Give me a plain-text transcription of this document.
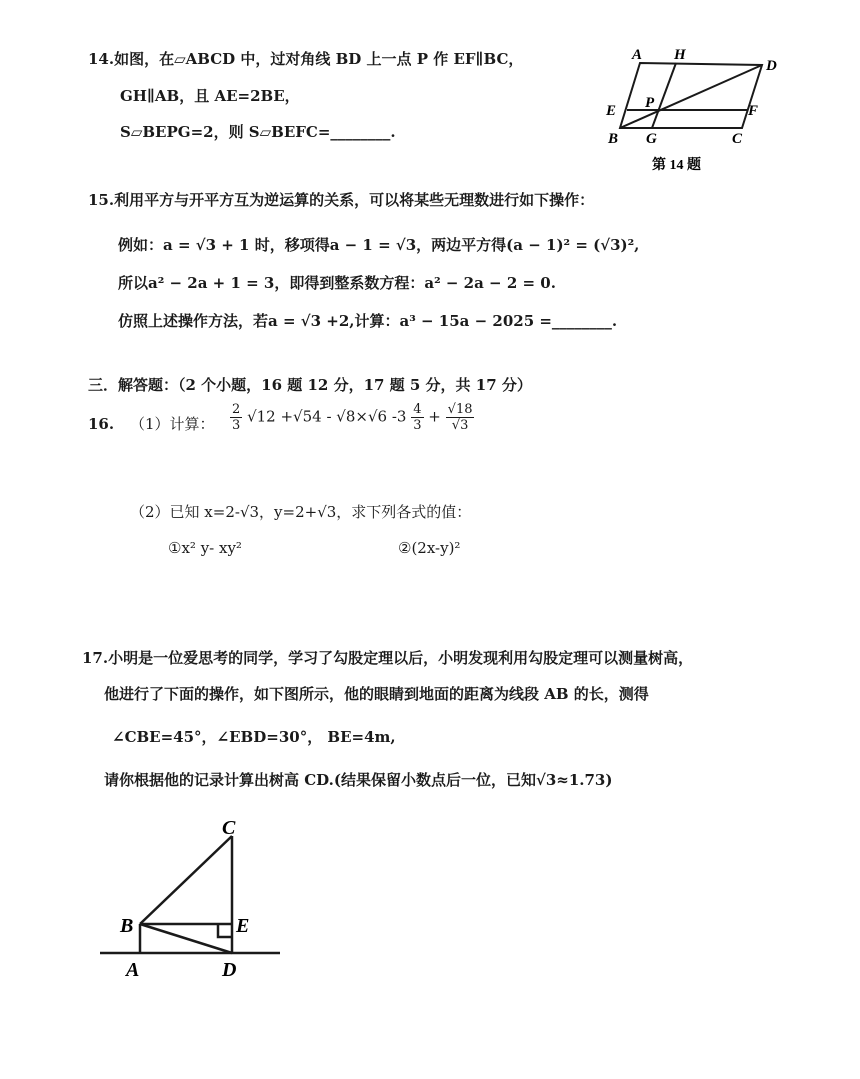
14.如图，在▱ABCD 中，过对角线 BD 上一点 P 作 EF∥BC，
GH∥AB，且 AE=2BE，
S▱BEPG=2，则 S▱BEFC=________.
A H
D
E P	F
B G	C
第 14 题
15.利用平方与开平方互为逆运算的关系，可以将某些无理数进行如下操作：
例如：a = √3 + 1 时，移项得a − 1 = √3，两边平方得(a − 1)² = (√3)²,
所以a² − 2a + 1 = 3，即得到整系数方程：a² − 2a − 2 = 0.
仿照上述操作方法，若a = √3 +2,计算：a³ − 15a − 2025 =________.
三．解答题：（2 个小题，16 题 12 分，17 题 5 分，共 17 分）
16. （1）计算： $\frac{2}{3} √12 +√54 - √8\times√6$ $-3 \frac{4}{3} + \frac{√18}{√3}$
（2）已知 x=2-√3，y=2+√3，求下列各式的值：
①x² y- xy²	②(2x-y)²
17.小明是一位爱思考的同学，学习了勾股定理以后，小明发现利用勾股定理可以测量树高，
他进行了下面的操作，如下图所示，他的眼睛到地面的距离为线段 AB 的长，测得
∠CBE=45°，∠EBD=30°， BE=4m,
请你根据他的记录计算出树高 CD.(结果保留小数点后一位，已知√3≈1.73)
C
B	E
A	D
